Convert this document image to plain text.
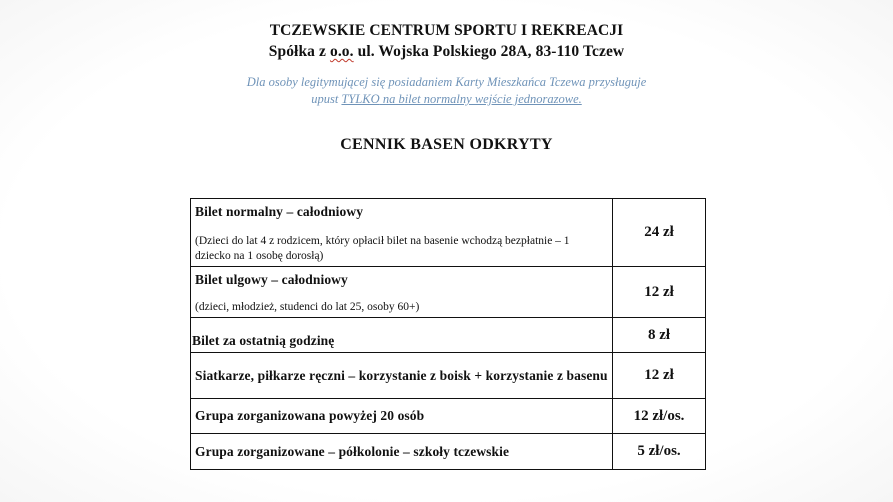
TCZEWSKIE CENTRUM SPORTU I REKREACJI
Spółka z o.o. ul. Wojska Polskiego 28A, 83-110 Tczew
Dla osoby legitymującej się posiadaniem Karty Mieszkańca Tczewa przysługuje
upust TYLKO na bilet normalny wejście jednorazowe.
CENNIK BASEN ODKRYTY
Bilet normalny – całodniowy
(Dzieci do lat 4 z rodzicem, który opłacił bilet na basenie wchodzą bezpłatnie – 1 dziecko na 1 osobę dorosłą)	24 zł

Bilet ulgowy – całodniowy
(dzieci, młodzież, studenci do lat 25, osoby 60+)	12 zł
Bilet za ostatnią godzinę	8 zł
Siatkarze, piłkarze ręczni – korzystanie z boisk + korzystanie z basenu	12 zł
Grupa zorganizowana powyżej 20 osób	12 zł/os.
Grupa zorganizowane – półkolonie – szkoły tczewskie	5 zł/os.
